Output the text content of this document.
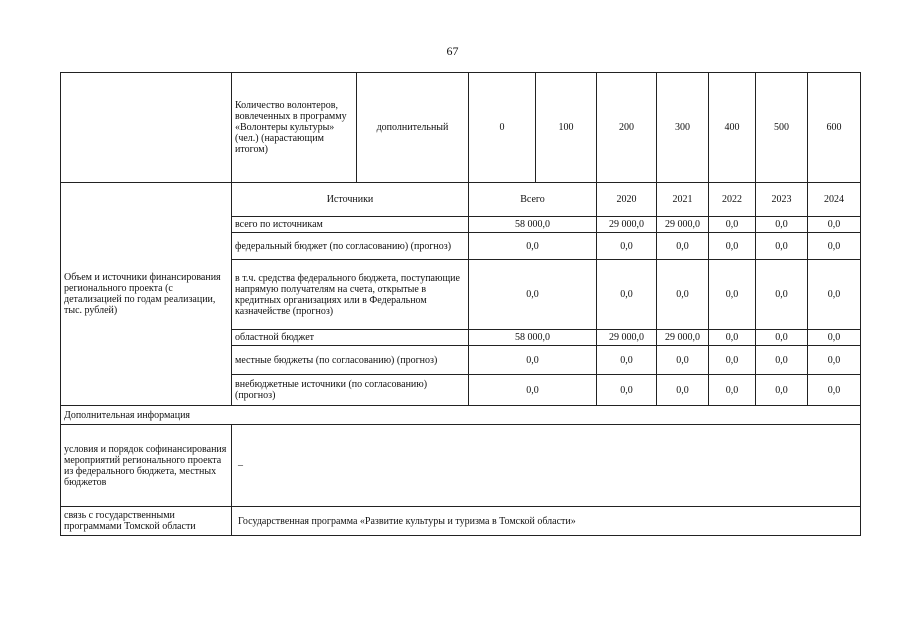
67
	Количество волонтеров, вовлеченных в программу «Волонтеры культуры» (чел.) (нарастающим итогом)	дополнительный	0	100	200	300	400	500	600
Объем и источники финансирования регионального проекта (с детализацией по годам реализации, тыс. рублей)	Источники		Всего		2020	2021	2022	2023	2024
	всего по источникам		58 000,0		29 000,0	29 000,0	0,0	0,0	0,0
	федеральный бюджет (по согласованию) (прогноз)		0,0		0,0	0,0	0,0	0,0	0,0
	в т.ч. средства федерального бюджета, поступающие напрямую получателям на счета, открытые в кредитных организациях или в Федеральном казначействе (прогноз)		0,0		0,0	0,0	0,0	0,0	0,0
	областной бюджет		58 000,0		29 000,0	29 000,0	0,0	0,0	0,0
	местные бюджеты (по согласованию) (прогноз)		0,0		0,0	0,0	0,0	0,0	0,0
	внебюджетные источники (по согласованию) (прогноз)		0,0		0,0	0,0	0,0	0,0	0,0
Дополнительная информация									
условия и порядок софинансирования мероприятий регионального проекта из федерального бюджета, местных бюджетов	–								
связь с государственными программами Томской области	Государственная программа «Развитие культуры и туризма в Томской области»								
